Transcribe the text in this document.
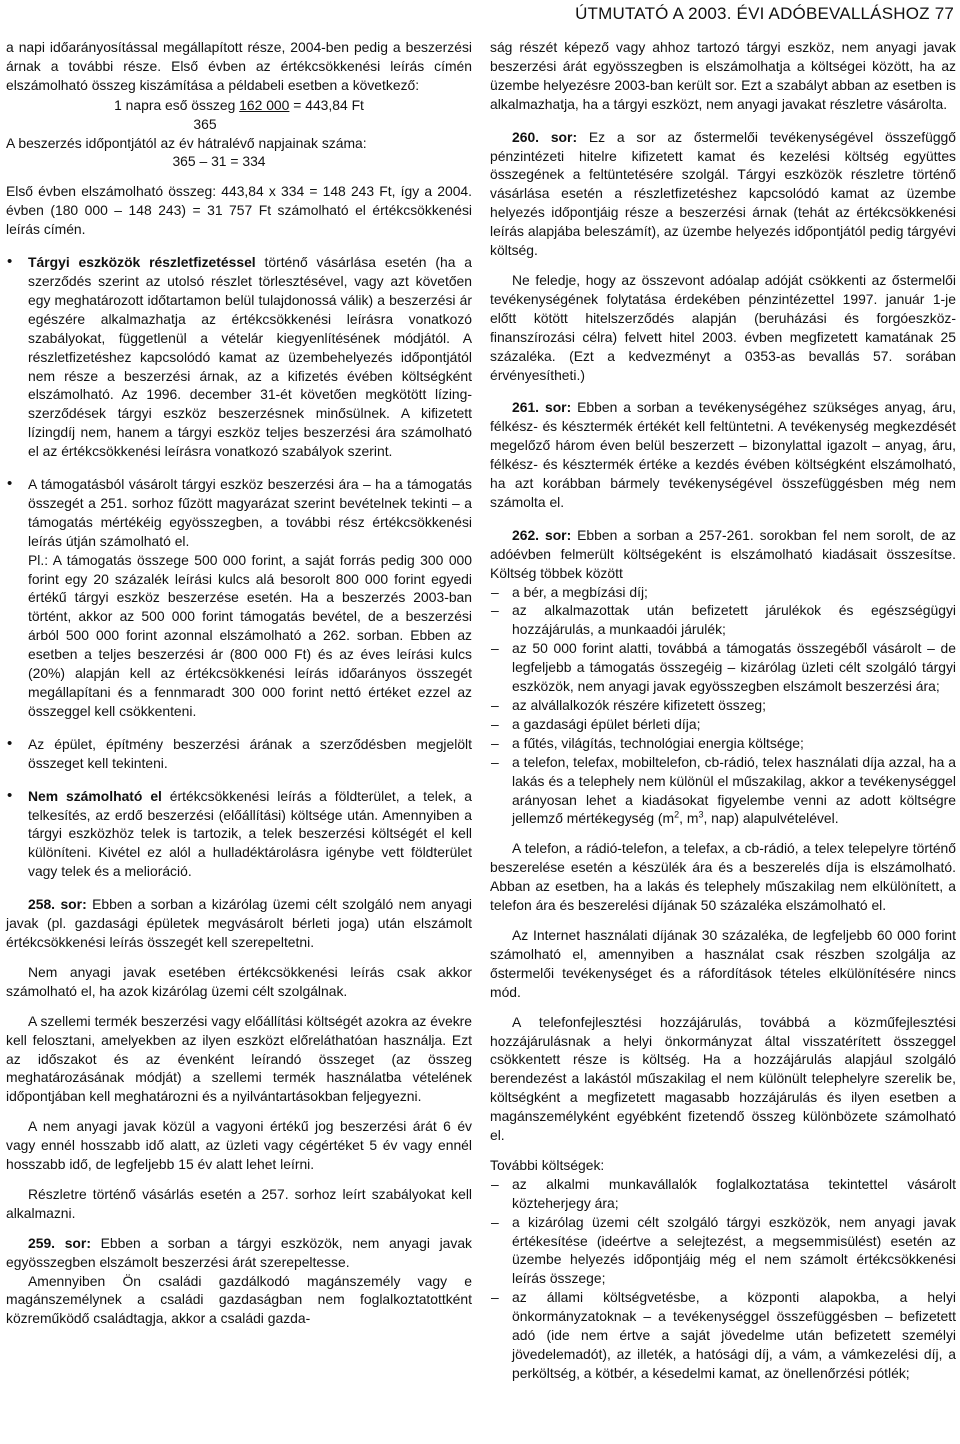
ÚTMUTATÓ A 2003. ÉVI ADÓBEVALLÁSHOZ 77

a napi időarányosítással megállapított része, 2004-ben pedig a beszerzési árnak a további része. Első évben az értékcsökkenési leírás címén elszámolható összeg kiszámítása a példabeli esetben a következő:

1 napra eső összeg 162 000 = 443,84 Ft
365

A beszerzés időpontjától az év hátralévő napjainak száma:

365 – 31 = 334

Első évben elszámolható összeg: 443,84 x 334 = 148 243 Ft, így a 2004. évben (180 000 – 148 243) = 31 757 Ft számolható el értékcsökkenési leírás címén.

• Tárgyi eszközök részletfizetéssel történő vásárlása esetén (ha a szerződés szerint az utolsó részlet törlesztésével, vagy azt követően egy meghatározott időtartamon belül tulajdonossá válik) a beszerzési ár egészére alkalmazhatja az értékcsökkenési leírásra vonatkozó szabályokat, függetlenül a vételár kiegyenlítésének módjától. A részletfizetéshez kapcsolódó kamat az üzembehelyezés időpontjától nem része a beszerzési árnak, az a kifizetés évében költségként elszámolható. Az 1996. december 31-ét követően megkötött lízing-szerződések tárgyi eszköz beszerzésnek minősülnek. A kifizetett lízingdíj nem, hanem a tárgyi eszköz teljes beszerzési ára számolható el az értékcsökkenési leírásra vonatkozó szabályok szerint.

• A támogatásból vásárolt tárgyi eszköz beszerzési ára – ha a támogatás összegét a 251. sorhoz fűzött magyarázat szerint bevételnek tekinti – a támogatás mértékéig egyösszegben, a további rész értékcsökkenési leírás útján számolható el.

Pl.: A támogatás összege 500 000 forint, a saját forrás pedig 300 000 forint egy 20 százalék leírási kulcs alá besorolt 800 000 forint egyedi értékű tárgyi eszköz beszerzése esetén. Ha a beszerzés 2003-ban történt, akkor az 500 000 forint támogatás bevétel, de a beszerzési árból 500 000 forint azonnal elszámolható a 262. sorban. Ebben az esetben a teljes beszerzési ár (800 000 Ft) és az éves leírási kulcs (20%) alapján kell az értékcsökkenési leírás időarányos összegét megállapítani és a fennmaradt 300 000 forint nettó értéket ezzel az összeggel kell csökkenteni.

• Az épület, építmény beszerzési árának a szerződésben megjelölt összeget kell tekinteni.

• Nem számolható el értékcsökkenési leírás a földterület, a telek, a telkesítés, az erdő beszerzési (előállítási) költsége után. Amennyiben a tárgyi eszközhöz telek is tartozik, a telek beszerzési költségét el kell különíteni. Kivétel ez alól a hulladéktárolásra igénybe vett földterület vagy telek és a melioráció.

258. sor: Ebben a sorban a kizárólag üzemi célt szolgáló nem anyagi javak (pl. gazdasági épületek megvásárolt bérleti joga) után elszámolt értékcsökkenési leírás összegét kell szerepeltetni.

Nem anyagi javak esetében értékcsökkenési leírás csak akkor számolható el, ha azok kizárólag üzemi célt szolgálnak.

A szellemi termék beszerzési vagy előállítási költségét azokra az évekre kell felosztani, amelyekben az ilyen eszközt előreláthatóan használja. Ezt az időszakot és az évenként leírandó összeget (az összeg meghatározásának módját) a szellemi termék használatba vételének időpontjában kell meghatározni és a nyilvántartásokban feljegyezni.

A nem anyagi javak közül a vagyoni értékű jog beszerzési árát 6 év vagy ennél hosszabb idő alatt, az üzleti vagy cégértéket 5 év vagy ennél hosszabb idő, de legfeljebb 15 év alatt lehet leírni.

Részletre történő vásárlás esetén a 257. sorhoz leírt szabályokat kell alkalmazni.

259. sor: Ebben a sorban a tárgyi eszközök, nem anyagi javak egyösszegben elszámolt beszerzési árát szerepeltesse.

Amennyiben Ön családi gazdálkodó magánszemély vagy e magánszemélynek a családi gazdaságban nem foglalkoztatottként közreműködő családtagja, akkor a családi gazda-

ság részét képező vagy ahhoz tartozó tárgyi eszköz, nem anyagi javak beszerzési árát egyösszegben is elszámolhatja a költségei között, ha az üzembe helyezésre 2003-ban került sor. Ezt a szabályt abban az esetben is alkalmazhatja, ha a tárgyi eszközt, nem anyagi javakat részletre vásárolta.

260. sor: Ez a sor az őstermelői tevékenységével összefüggő pénzintézeti hitelre kifizetett kamat és kezelési költség együttes összegének a feltüntetésére szolgál. Tárgyi eszközök részletre történő vásárlása esetén a részletfizetéshez kapcsolódó kamat az üzembe helyezés időpontjáig része a beszerzési árnak (tehát az értékcsökkenési leírás alapjába beleszámít), az üzembe helyezés időpontjától pedig tárgyévi költség.

Ne feledje, hogy az összevont adóalap adóját csökkenti az őstermelői tevékenységének folytatása érdekében pénzintézettel 1997. január 1-je előtt kötött hitelszerződés alapján (beruházási és forgóeszköz-finanszírozási célra) felvett hitel 2003. évben megfizetett kamatának 25 százaléka. (Ezt a kedvezményt a 0353-as bevallás 57. sorában érvényesítheti.)

261. sor: Ebben a sorban a tevékenységéhez szükséges anyag, áru, félkész- és késztermék értékét kell feltüntetni. A tevékenység megkezdését megelőző három éven belül beszerzett – bizonylattal igazolt – anyag, áru, félkész- és késztermék értéke a kezdés évében költségként elszámolható, ha azt korábban bármely tevékenységével összefüggésben még nem számolta el.

262. sor: Ebben a sorban a 257-261. sorokban fel nem sorolt, de az adóévben felmerült költségeként is elszámolható kiadásait összesítse. Költség többek között

– a bér, a megbízási díj;

– az alkalmazottak után befizetett járulékok és egészségügyi hozzájárulás, a munkaadói járulék;

– az 50 000 forint alatti, továbbá a támogatás összegéből vásárolt – de legfeljebb a támogatás összegéig – kizárólag üzleti célt szolgáló tárgyi eszközök, nem anyagi javak egyösszegben elszámolt beszerzési ára;

– az alvállalkozók részére kifizetett összeg;

– a gazdasági épület bérleti díja;

– a fűtés, világítás, technológiai energia költsége;

– a telefon, telefax, mobiltelefon, cb-rádió, telex használati díja azzal, ha a lakás és a telephely nem különül el műszakilag, akkor a tevékenységgel arányosan lehet a kiadásokat figyelembe venni az adott költségre jellemző mértékegység ($m^2$, $m^3$, nap) alapulvételével.

A telefon, a rádió-telefon, a telefax, a cb-rádió, a telex telepelyre történő beszerelése esetén a készülék ára és a beszerelés díja is elszámolható. Abban az esetben, ha a lakás és telephely műszakilag nem elkülönített, a telefon ára és beszerelési díjának 50 százaléka elszámolható el.

Az Internet használati díjának 30 százaléka, de legfeljebb 60 000 forint számolható el, amennyiben a használat csak részben szolgálja az őstermelői tevékenységet és a ráfordítások tételes elkülönítésére nincs mód.

A telefonfejlesztési hozzájárulás, továbbá a közműfejlesztési hozzájárulásnak a helyi önkormányzat által visszatérített összeggel csökkentett része is költség. Ha a hozzájárulás alapjául szolgáló berendezést a lakástól műszakilag el nem különült telephelyre szerelik be, költségként a megfizetett magasabb hozzájárulás és ilyen esetben a magánszemélyként egyébként fizetendő összeg különbözete számolható el.

További költségek:

– az alkalmi munkavállalók foglalkoztatása tekintettel vásárolt közteherjegy ára;

– a kizárólag üzemi célt szolgáló tárgyi eszközök, nem anyagi javak értékesítése (ideértve a selejtezést, a megsemmisülést) esetén az üzembe helyezés időpontjáig még el nem számolt értékcsökkenési leírás összege;

– az állami költségvetésbe, a központi alapokba, a helyi önkormányzatoknak – a tevékenységgel összefüggésben – befizetett adó (ide nem értve a saját jövedelme után befizetett személyi jövedelemadót), az illeték, a hatósági díj, a vám, a vámkezelési díj, a perköltség, a kötbér, a késedelmi kamat, az önellenőrzési pótlék;
